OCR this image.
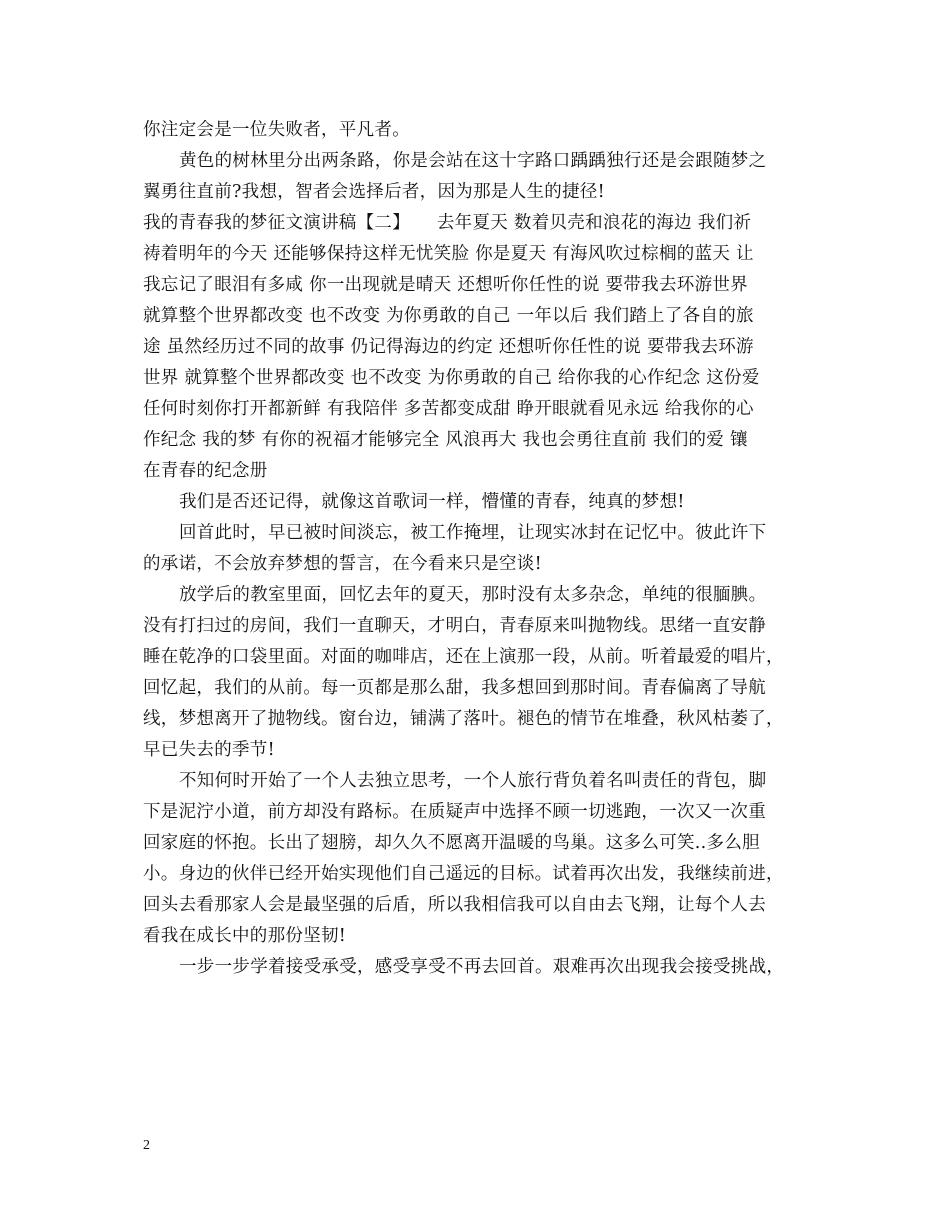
你注定会是一位失败者，平凡者。
黄色的树林里分出两条路，你是会站在这十字路口踽踽独行还是会跟随梦之
翼勇往直前?我想，智者会选择后者，因为那是人生的捷径!
我的青春我的梦征文演讲稿【二】　　去年夏天 数着贝壳和浪花的海边 我们祈
祷着明年的今天 还能够保持这样无忧笑脸 你是夏天 有海风吹过棕榈的蓝天 让
我忘记了眼泪有多咸 你一出现就是晴天 还想听你任性的说 要带我去环游世界
就算整个世界都改变 也不改变 为你勇敢的自己 一年以后 我们踏上了各自的旅
途 虽然经历过不同的故事 仍记得海边的约定 还想听你任性的说 要带我去环游
世界 就算整个世界都改变 也不改变 为你勇敢的自己 给你我的心作纪念 这份爱
任何时刻你打开都新鲜 有我陪伴 多苦都变成甜 睁开眼就看见永远 给我你的心
作纪念 我的梦 有你的祝福才能够完全 风浪再大 我也会勇往直前 我们的爱 镶
在青春的纪念册
我们是否还记得，就像这首歌词一样，懵懂的青春，纯真的梦想!
回首此时，早已被时间淡忘，被工作掩埋，让现实冰封在记忆中。彼此许下
的承诺，不会放弃梦想的誓言，在今看来只是空谈!
放学后的教室里面，回忆去年的夏天，那时没有太多杂念，单纯的很腼腆。
没有打扫过的房间，我们一直聊天，才明白，青春原来叫抛物线。思绪一直安静
睡在乾净的口袋里面。对面的咖啡店，还在上演那一段，从前。听着最爱的唱片，
回忆起，我们的从前。每一页都是那么甜，我多想回到那时间。青春偏离了导航
线，梦想离开了抛物线。窗台边，铺满了落叶。褪色的情节在堆叠，秋风枯萎了，
早已失去的季节!
不知何时开始了一个人去独立思考，一个人旅行背负着名叫责任的背包，脚
下是泥泞小道，前方却没有路标。在质疑声中选择不顾一切逃跑，一次又一次重
回家庭的怀抱。长出了翅膀，却久久不愿离开温暖的鸟巢。这多么可笑..多么胆
小。身边的伙伴已经开始实现他们自己遥远的目标。试着再次出发，我继续前进，
回头去看那家人会是最坚强的后盾，所以我相信我可以自由去飞翔，让每个人去
看我在成长中的那份坚韧!
一步一步学着接受承受，感受享受不再去回首。艰难再次出现我会接受挑战，
2
